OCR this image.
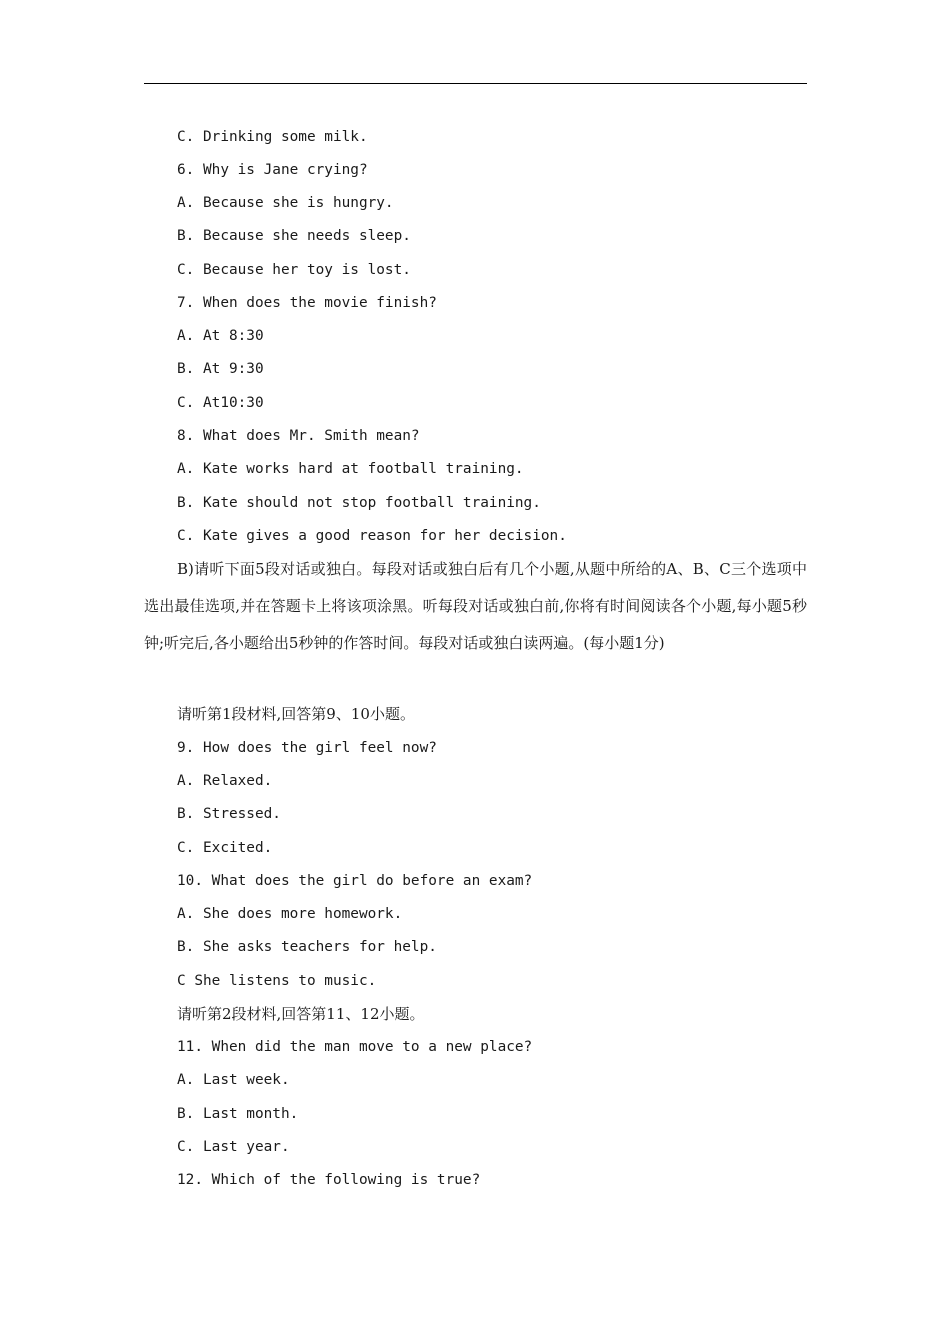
C. Drinking some milk.
6. Why is Jane crying?
A. Because she is hungry.
B. Because she needs sleep.
C. Because her toy is lost.
7. When does the movie finish?
A. At 8:30
B. At 9:30
C. At10:30
8. What does Mr. Smith mean?
A. Kate works hard at football training.
B. Kate should not stop football training.
C. Kate gives a good reason for her decision.
B)请听下面5段对话或独白。每段对话或独白后有几个小题,从题中所给的A、B、C三个选项中选出最佳选项,并在答题卡上将该项涂黑。听每段对话或独白前,你将有时间阅读各个小题,每小题5秒钟;听完后,各小题给出5秒钟的作答时间。每段对话或独白读两遍。(每小题1分)
请听第1段材料,回答第9、10小题。
9. How does the girl feel now?
A. Relaxed.
B. Stressed.
C. Excited.
10. What does the girl do before an exam?
A. She does more homework.
B. She asks teachers for help.
C She listens to music.
请听第2段材料,回答第11、12小题。
11. When did the man move to a new place?
A. Last week.
B. Last month.
C. Last year.
12. Which of the following is true?
